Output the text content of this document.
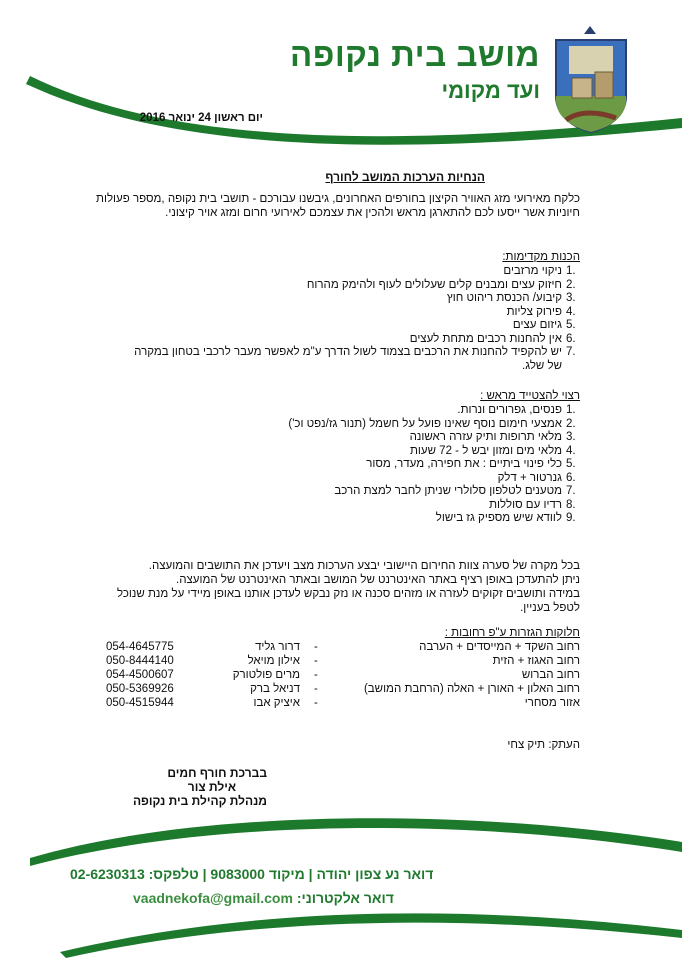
מושב בית נקופה
ועד מקומי
יום ראשון 24 ינואר 2016
הנחיות הערכות המושב לחורף
כלקח מאירועי מזג האוויר הקיצון בחורפים האחרונים, גיבשנו עבורכם - תושבי בית נקופה ,מספר פעולות חיוניות אשר ייסעו לכם להתארגן מראש ולהכין את עצמכם לאירועי חרום ומזג אויר קיצוני.
הכנות מקדימות:
1.
ניקוי מרזבים
2.
חיזוק עצים ומבנים קלים שעלולים לעוף ולהימק מהרוח
3.
קיבוע/ הכנסת ריהוט חוץ
4.
פירוק צליות
5.
גיזום עצים
6.
אין להחנות רכבים מתחת לעצים
7.
יש להקפיד להחנות את הרכבים בצמוד לשול הדרך ע"מ לאפשר מעבר לרכבי בטחון במקרה של שלג.
רצוי להצטייד מראש :
1.
פנסים, גפרורים ונרות.
2.
אמצעי חימום נוסף שאינו פועל על חשמל (תנור גז/נפט וכ')
3.
מלאי תרופות ותיק עזרה ראשונה
4.
מלאי מים ומזון יבש ל - 72 שעות
5.
כלי פינוי ביתיים : את חפירה, מעדר, מסור
6.
גנרטור + דלק
7.
מטענים לטלפון סלולרי שניתן לחבר למצת הרכב
8.
רדיו עם סוללות
9.
לוודא שיש מספיק גז בישול
בכל מקרה של סערה צוות החירום היישובי יבצע הערכות מצב ויעדכן את התושבים והמועצה.
ניתן להתעדכן באופן רציף באתר האינטרנט של המושב ובאתר האינטרנט של המועצה.
במידה ותושבים זקוקים לעזרה או מזהים סכנה או נזק נבקש לעדכן אותנו באופן מיידי על מנת שנוכל לטפל בעניין.
חלוקות הגזרות ע"פ רחובות :
רחוב השקד + המייסדים + הערבה
-
דרור גליד
054-4645775
רחוב האגוז + הזית
-
אילון מויאל
050-8444140
רחוב הברוש
-
מרים פולטורק
054-4500607
רחוב האלון + האורן + האלה (הרחבת המושב)
-
דניאל ברק
050-5369926
אזור מסחרי
-
איציק אבו
050-4515944
העתק: תיק צחי
בברכת חורף חמים
אילת צור
מנהלת קהילת בית נקופה
דואר נע צפון יהודה | מיקוד 9083000 | טלפקס: 02-6230313
דואר אלקטרוני: vaadnekofa@gmail.com
